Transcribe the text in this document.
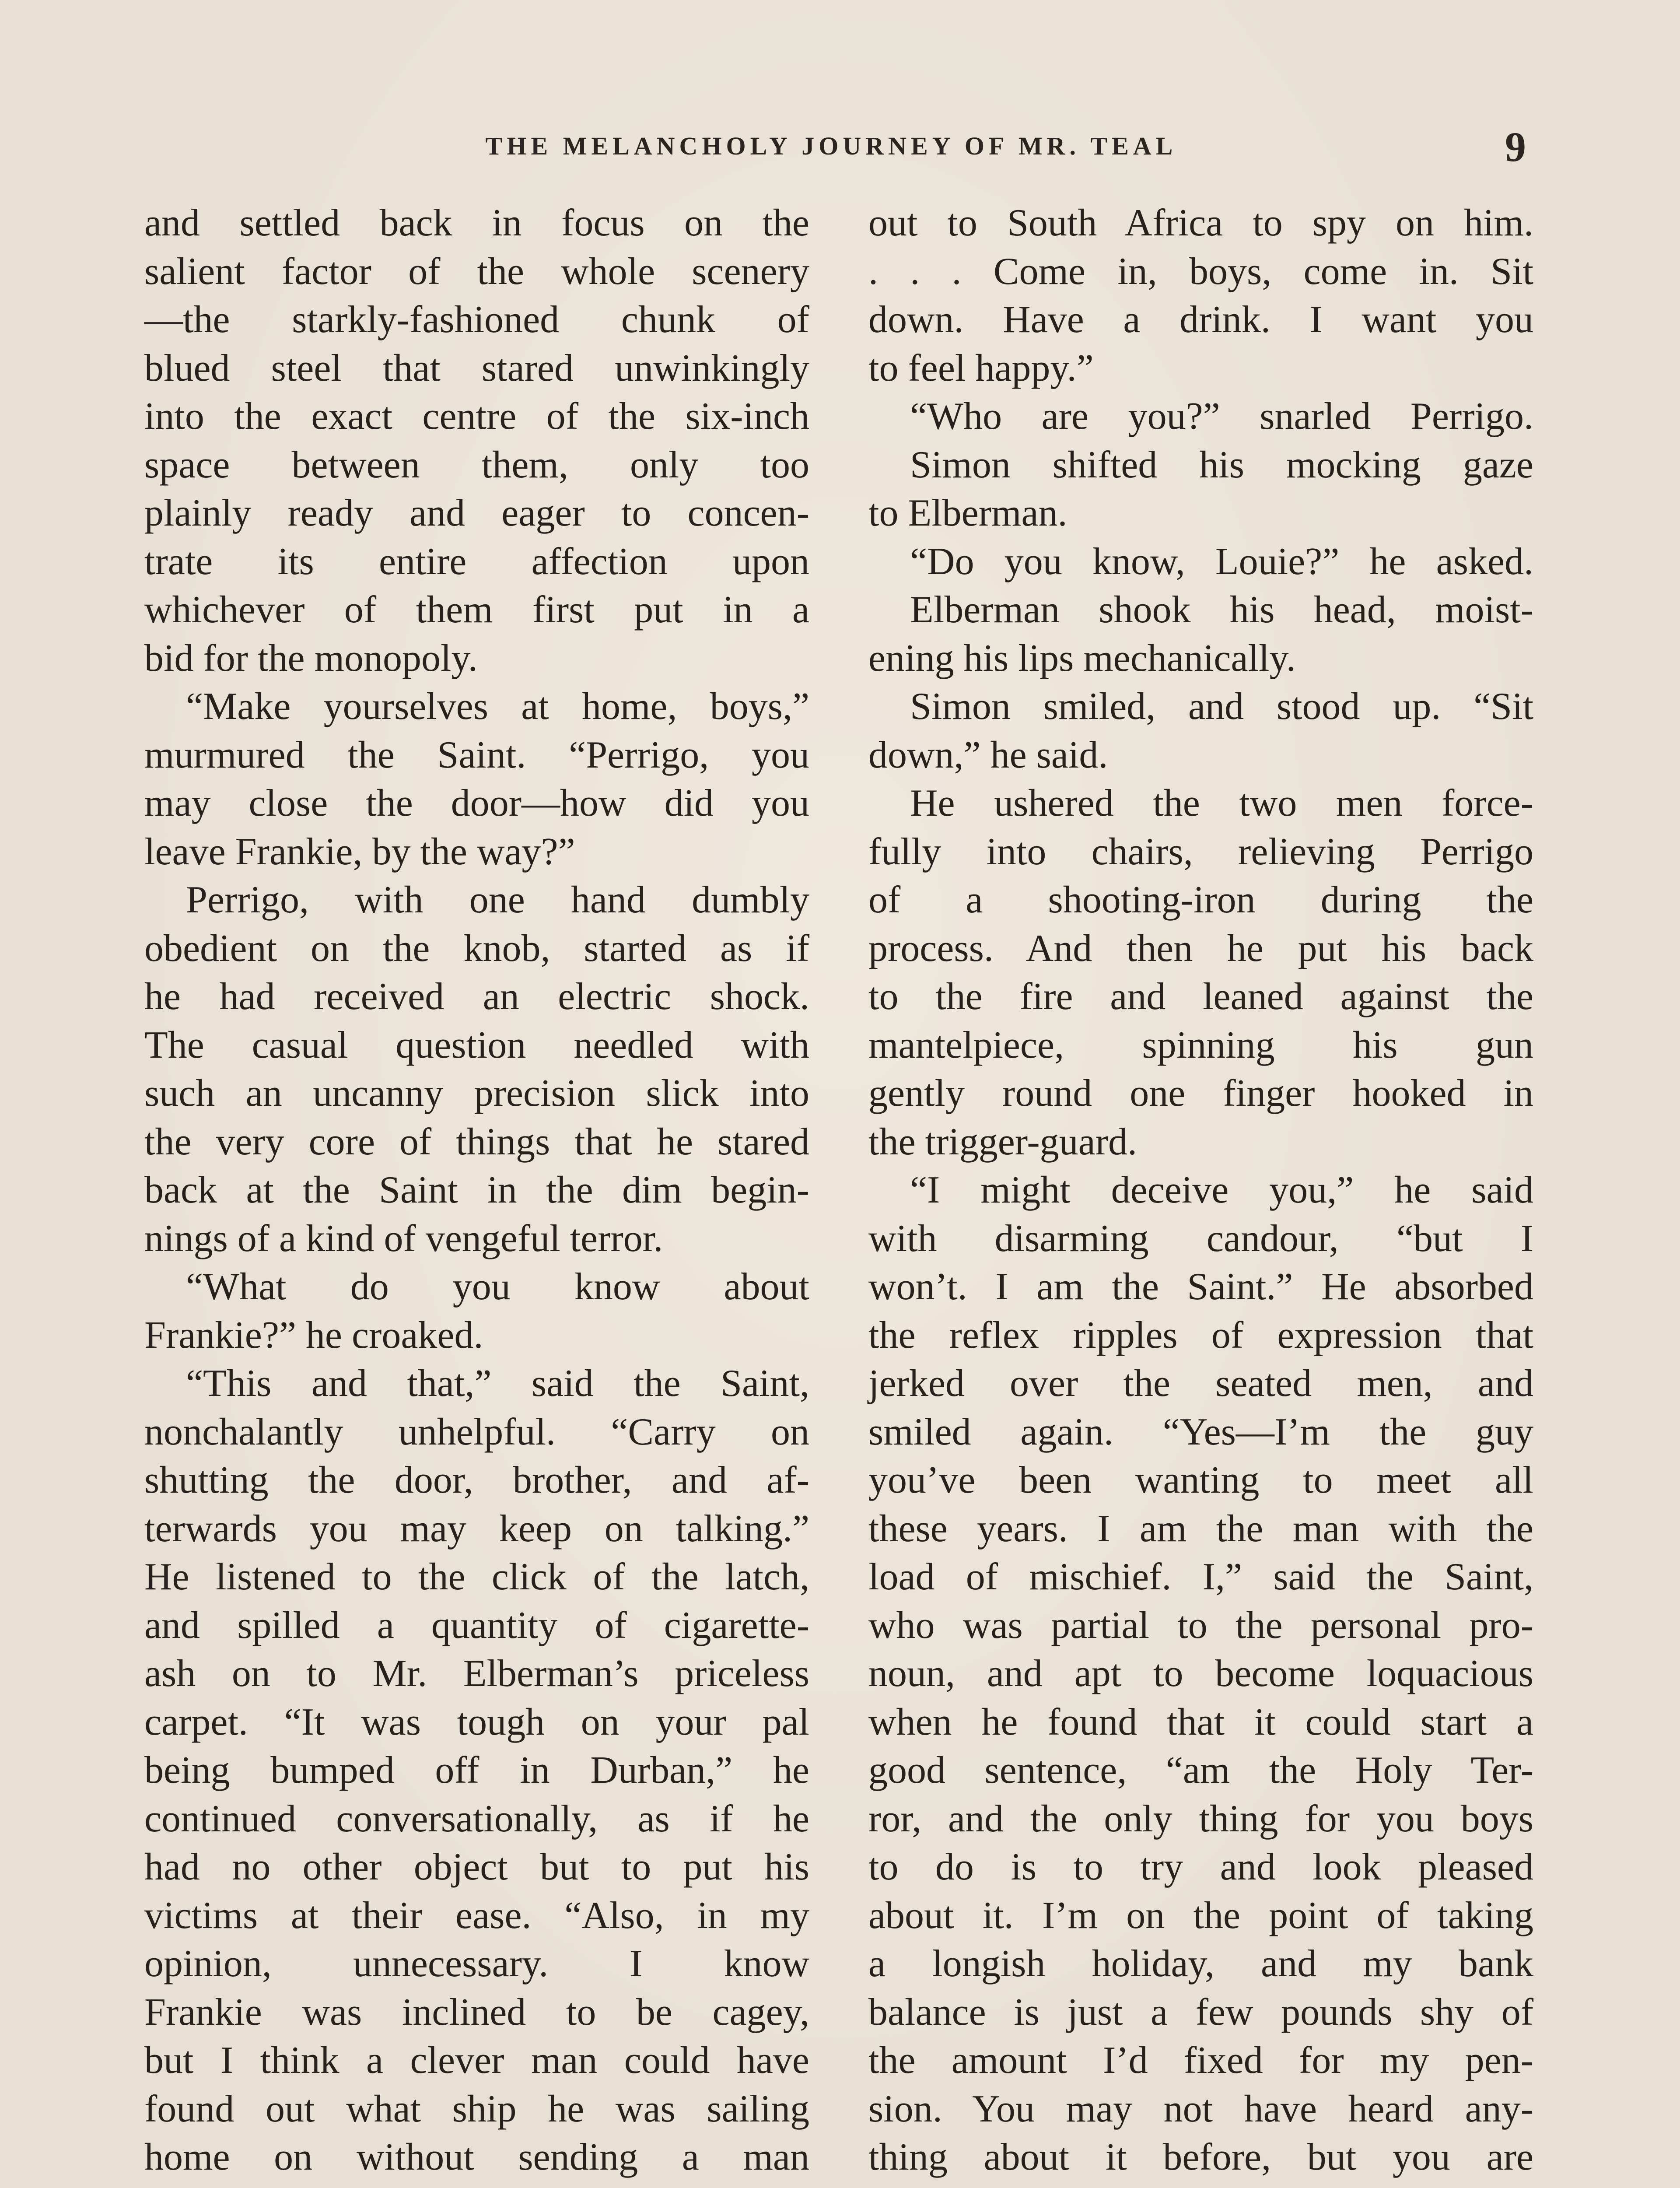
THE MELANCHOLY JOURNEY OF MR. TEAL	9
and settled back in focus on the
salient factor of the whole scenery
—the starkly-fashioned chunk of
blued steel that stared unwinkingly
into the exact centre of the six-inch
space between them, only too
plainly ready and eager to concen-
trate its entire affection upon
whichever of them first put in a
bid for the monopoly.
“Make yourselves at home, boys,”
murmured the Saint. “Perrigo, you
may close the door—how did you
leave Frankie, by the way?”
Perrigo, with one hand dumbly
obedient on the knob, started as if
he had received an electric shock.
The casual question needled with
such an uncanny precision slick into
the very core of things that he stared
back at the Saint in the dim begin-
nings of a kind of vengeful terror.
“What do you know about
Frankie?” he croaked.
“This and that,” said the Saint,
nonchalantly unhelpful. “Carry on
shutting the door, brother, and af-
terwards you may keep on talking.”
He listened to the click of the latch,
and spilled a quantity of cigarette-
ash on to Mr. Elberman’s priceless
carpet. “It was tough on your pal
being bumped off in Durban,” he
continued conversationally, as if he
had no other object but to put his
victims at their ease. “Also, in my
opinion, unnecessary. I know
Frankie was inclined to be cagey,
but I think a clever man could have
found out what ship he was sailing
home on without sending a man
out to South Africa to spy on him.
. . . Come in, boys, come in. Sit
down. Have a drink. I want you
to feel happy.”
“Who are you?” snarled Perrigo.
Simon shifted his mocking gaze
to Elberman.
“Do you know, Louie?” he asked.
Elberman shook his head, moist-
ening his lips mechanically.
Simon smiled, and stood up. “Sit
down,” he said.
He ushered the two men force-
fully into chairs, relieving Perrigo
of a shooting-iron during the
process. And then he put his back
to the fire and leaned against the
mantelpiece, spinning his gun
gently round one finger hooked in
the trigger-guard.
“I might deceive you,” he said
with disarming candour, “but I
won’t. I am the Saint.” He absorbed
the reflex ripples of expression that
jerked over the seated men, and
smiled again. “Yes—I’m the guy
you’ve been wanting to meet all
these years. I am the man with the
load of mischief. I,” said the Saint,
who was partial to the personal pro-
noun, and apt to become loquacious
when he found that it could start a
good sentence, “am the Holy Ter-
ror, and the only thing for you boys
to do is to try and look pleased
about it. I’m on the point of taking
a longish holiday, and my bank
balance is just a few pounds shy of
the amount I’d fixed for my pen-
sion. You may not have heard any-
thing about it before, but you are
